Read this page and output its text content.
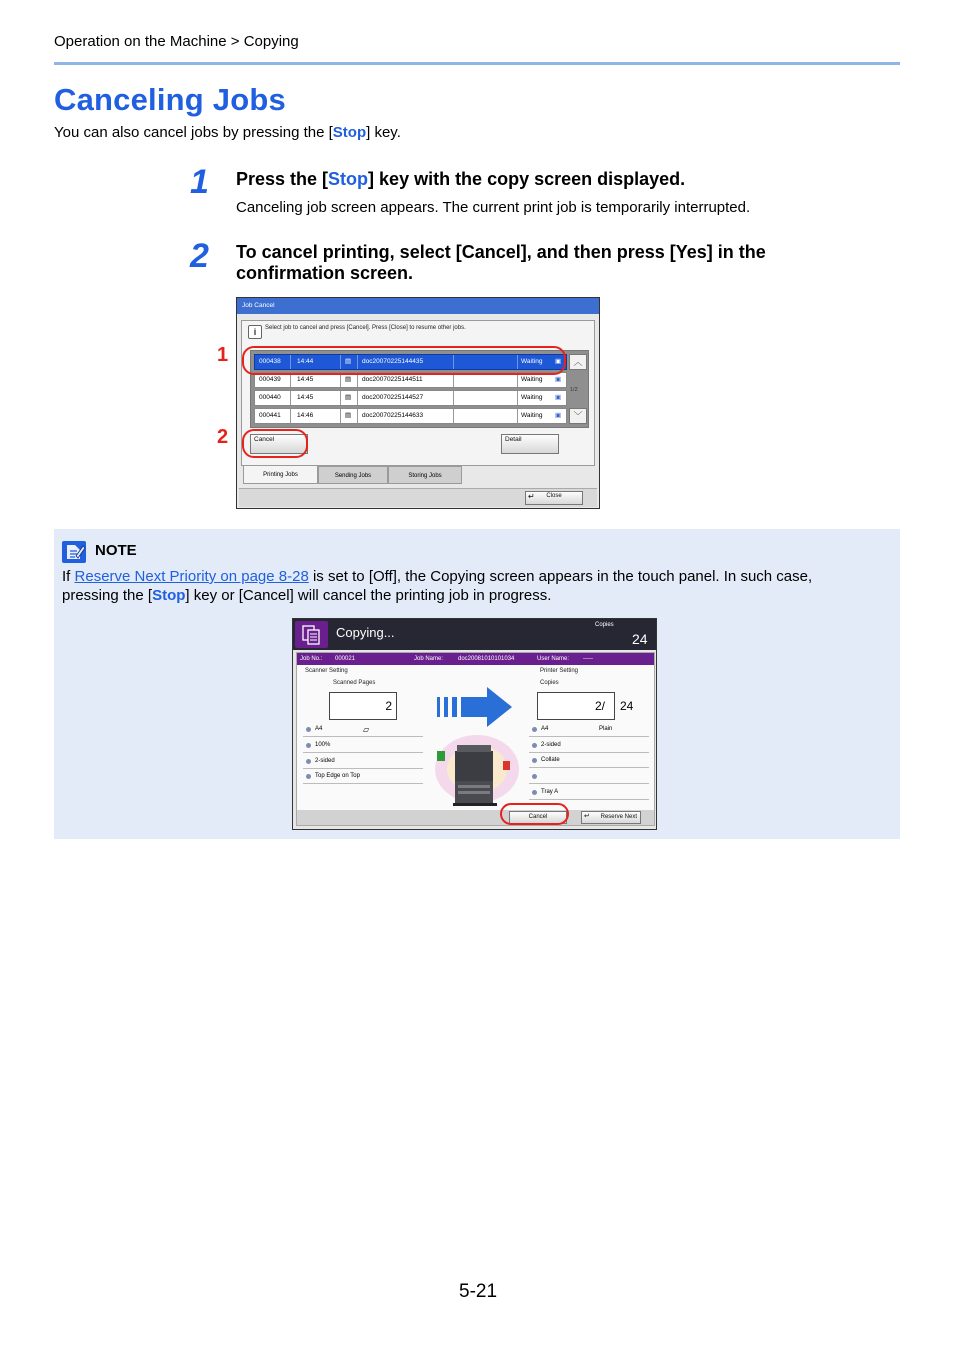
Operation on the Machine > Copying
Canceling Jobs
You can also cancel jobs by pressing the [Stop] key.
1 Press the [Stop] key with the copy screen displayed.
Canceling job screen appears. The current print job is temporarily interrupted.
2 To cancel printing, select [Cancel], and then press [Yes] in the
confirmation screen.
Job Cancel
i	Select job to cancel and press [Cancel]. Press [Close] to resume other jobs.
000438	14:44	▤ doc20070225144435	Waiting ▣
000439	14:45	▤ doc20070225144511	Waiting ▣
000440	14:45	▤ doc20070225144527	Waiting ▣
000441	14:46	▤ doc20070225144633	Waiting ▣
︿
1/2
﹀
Cancel	Detail
Printing Jobs	Sending Jobs	Storing Jobs
↵ Close
1
2
NOTE
If Reserve Next Priority on page 8-28 is set to [Off], the Copying screen appears in the touch panel. In such case,
pressing the [Stop] key or [Cancel] will cancel the printing job in progress.
Copying...	Copies
24
Job No.: 000021	Job Name: doc20081010101034	User Name: -----
Scanner Setting
Scanned Pages
2
Printer Setting
Copies
2/ 24
A4	▱
100%
2-sided
Top Edge on Top
A4	Plain
2-sided
Collate
Tray A
Cancel	↵ Reserve Next
5-21
